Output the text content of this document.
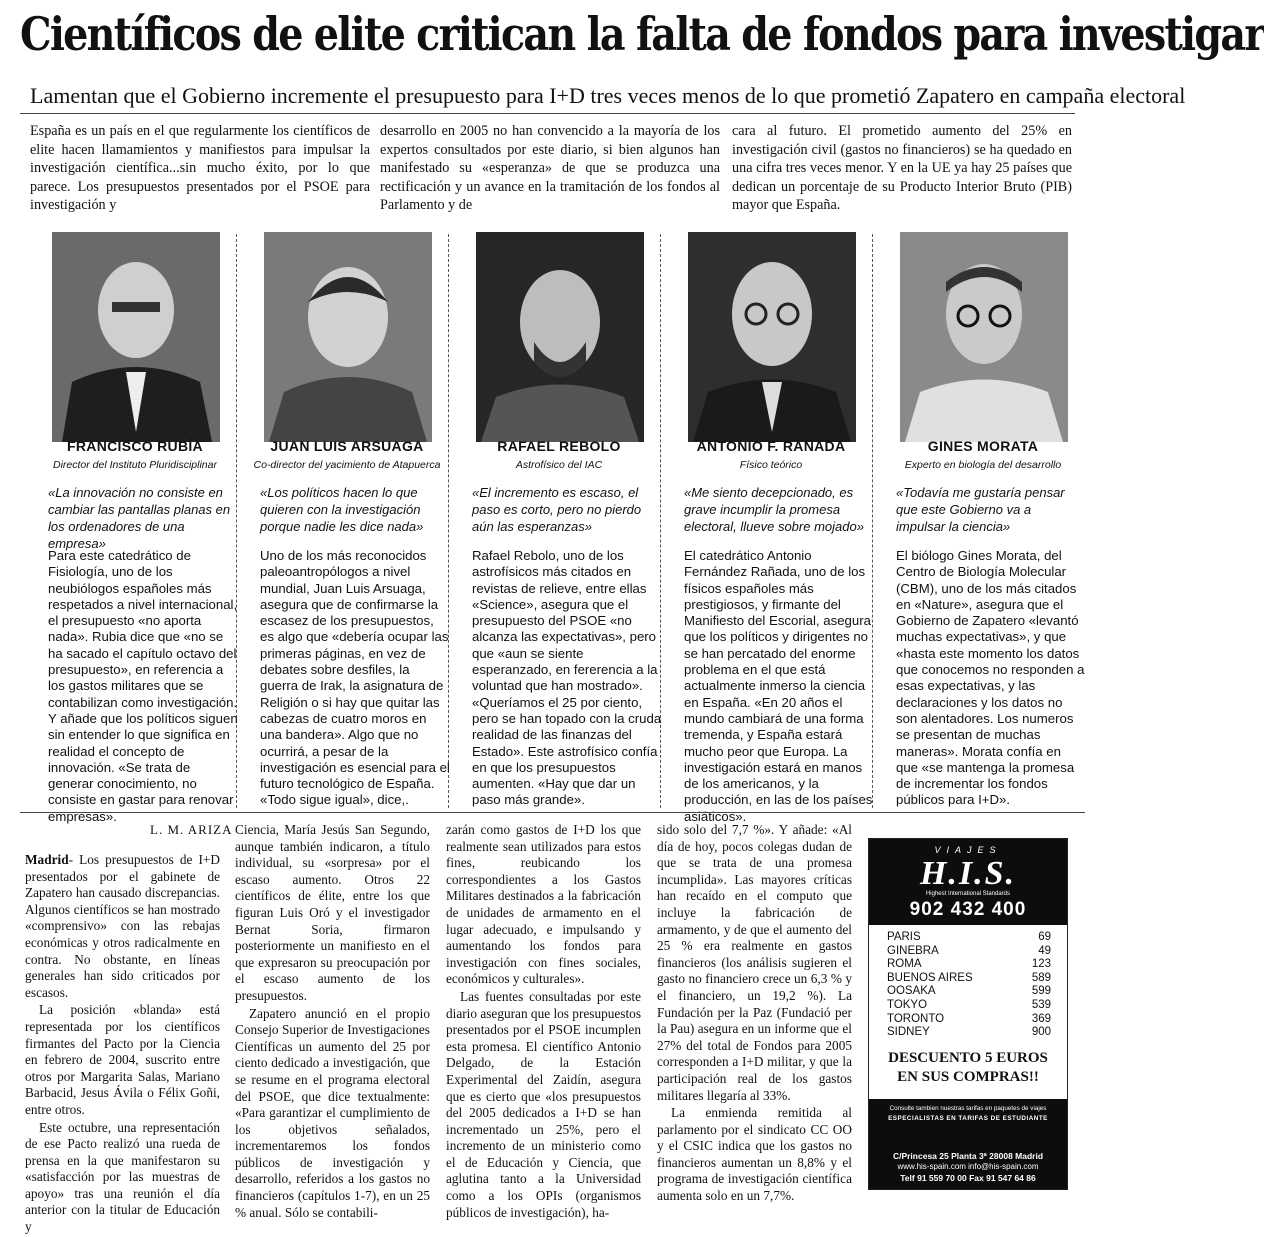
Científicos de elite critican la falta de fondos para investigar
Lamentan que el Gobierno incremente el presupuesto para I+D tres veces menos de lo que prometió Zapatero en campaña electoral
España es un país en el que regularmente los científicos de elite hacen llamamientos y manifiestos para impulsar la investigación científica...sin mucho éxito, por lo que parece. Los presupuestos presentados por el PSOE para investigación y
desarrollo en 2005 no han convencido a la mayoría de los expertos consultados por este diario, si bien algunos han manifestado su «esperanza» de que se produzca una rectificación y un avance en la tramitación de los fondos al Parlamento y de
cara al futuro. El prometido aumento del 25% en investigación civil (gastos no financieros) se ha quedado en una cifra tres veces menor. Y en la UE ya hay 25 países que dedican un porcentaje de su Producto Interior Bruto (PIB) mayor que España.
FRANCISCO RUBÍA
Director del Instituto Pluridisciplinar
«La innovación no consiste en cambiar las pantallas planas en los ordenadores de una empresa»
Para este catedrático de Fisiología, uno de los neubiólogos españoles más respetados a nivel internacional, el presupuesto «no aporta nada». Rubia dice que «no se ha sacado el capítulo octavo del presupuesto», en referencia a los gastos militares que se contabilizan como investigación. Y añade que los políticos siguen sin entender lo que significa en realidad el concepto de innovación. «Se trata de generar conocimiento, no consiste en gastar para renovar empresas».
JUAN LUIS ARSUAGA
Co-director del yacimiento de Atapuerca
«Los políticos hacen lo que quieren con la investigación porque nadie les dice nada»
Uno de los más reconocidos paleoantropólogos a nivel mundial, Juan Luis Arsuaga, asegura que de confirmarse la escasez de los presupuestos, es algo que «debería ocupar las primeras páginas, en vez de debates sobre desfiles, la guerra de Irak, la asignatura de Religión o si hay que quitar las cabezas de cuatro moros en una bandera». Algo que no ocurrirá, a pesar de la investigación es esencial para el futuro tecnológico de España. «Todo sigue igual», dice,.
RAFAEL REBOLO
Astrofísico del IAC
«El incremento es escaso, el paso es corto, pero no pierdo aún las esperanzas»
Rafael Rebolo, uno de los astrofísicos más citados en revistas de relieve, entre ellas «Science», asegura que el presupuesto del PSOE «no alcanza las expectativas», pero que «aun se siente esperanzado, en fererencia a la voluntad que han mostrado». «Queríamos el 25 por ciento, pero se han topado con la cruda realidad de las finanzas del Estado». Este astrofísico confía en que los presupuestos aumenten. «Hay que dar un paso más grande».
ANTONIO F. RAÑADA
Físico teórico
«Me siento decepcionado, es grave incumplir la promesa electoral, llueve sobre mojado»
El catedrático Antonio Fernández Rañada, uno de los físicos españoles más prestigiosos, y firmante del Manifiesto del Escorial, asegura que los políticos y dirigentes no se han percatado del enorme problema en el que está actualmente inmerso la ciencia en España. «En 20 años el mundo cambiará de una forma tremenda, y España estará mucho peor que Europa. La investigación estará en manos de los americanos, y la producción, en las de los países asiáticos».
GINES MORATA
Experto en biología del desarrollo
«Todavía me gustaría pensar que este Gobierno va a impulsar la ciencia»
El biólogo Gines Morata, del Centro de Biología Molecular (CBM), uno de los más citados en «Nature», asegura que el Gobierno de Zapatero «levantó muchas expectativas», y que «hasta este momento los datos que conocemos no responden a esas expectativas, y las declaraciones y los datos no son alentadores. Los numeros se presentan de muchas maneras». Morata confía en que «se mantenga la promesa de incrementar los fondos públicos para I+D».
L. M. ARIZA

Madrid- Los presupuestos de I+D presentados por el gabinete de Zapatero han causado discrepancias. Algunos científicos se han mostrado «comprensivo» con las rebajas económicas y otros radicalmente en contra. No obstante, en líneas generales han sido criticados por escasos.

La posición «blanda» está representada por los científicos firmantes del Pacto por la Ciencia en febrero de 2004, suscrito entre otros por Margarita Salas, Mariano Barbacid, Jesus Ávila o Félix Goñi, entre otros.

Este octubre, una representación de ese Pacto realizó una rueda de prensa en la que manifestaron su «satisfacción por las muestras de apoyo» tras una reunión el día anterior con la titular de Educación y

Ciencia, María Jesús San Segundo, aunque también indicaron, a título individual, su «sorpresa» por el escaso aumento. Otros 22 científicos de élite, entre los que figuran Luis Oró y el investigador Bernat Soria, firmaron posteriormente un manifiesto en el que expresaron su preocupación por el escaso aumento de los presupuestos.

Zapatero anunció en el propio Consejo Superior de Investigaciones Científicas un aumento del 25 por ciento dedicado a investigación, que se resume en el programa electoral del PSOE, que dice textualmente: «Para garantizar el cumplimiento de los objetivos señalados, incrementaremos los fondos públicos de investigación y desarrollo, referidos a los gastos no financieros (capítulos 1-7), en un 25 % anual. Sólo se contabili-

zarán como gastos de I+D los que realmente sean utilizados para estos fines, reubicando los correspondientes a los Gastos Militares destinados a la fabricación de unidades de armamento en el lugar adecuado, e impulsando y aumentando los fondos para investigación con fines sociales, económicos y culturales».

Las fuentes consultadas por este diario aseguran que los presupuestos presentados por el PSOE incumplen esta promesa. El científico Antonio Delgado, de la Estación Experimental del Zaidín, asegura que es cierto que «los presupuestos del 2005 dedicados a I+D se han incrementado un 25%, pero el incremento de un ministerio como el de Educación y Ciencia, que aglutina tanto a la Universidad como a los OPIs (organismos públicos de investigación), ha-

sido solo del 7,7 %». Y añade: «Al día de hoy, pocos colegas dudan de que se trata de una promesa incumplida». Las mayores críticas han recaído en el computo que incluye la fabricación de armamento, y de que el aumento del 25 % era realmente en gastos financieros (los análisis sugieren el gasto no financiero crece un 6,3 % y el financiero, un 19,2 %). La Fundación per la Paz (Fundació per la Pau) asegura en un informe que el 27% del total de Fondos para 2005 corresponden a I+D militar, y que la participación real de los gastos militares llegaría al 33%.

La enmienda remitida al parlamento por el sindicato CC OO y el CSIC indica que los gastos no financieros aumentan un 8,8% y el programa de investigación científica aumenta solo en un 7,7%.

VIAJES
H.I.S.
Highest International Standards
902 432 400
PARIS	69
GINEBRA	49
ROMA	123
BUENOS AIRES	589
OOSAKA	599
TOKYO	539
TORONTO	369
SIDNEY	900
DESCUENTO 5 EUROS
EN SUS COMPRAS!!
Consulte tambien nuestras tarifas en paquetes de viajes
ESPECIALISTAS EN TARIFAS DE ESTUDIANTE
C/Princesa 25 Planta 3ª 28008 Madrid
www.his-spain.com info@his-spain.com
Telf 91 559 70 00 Fax 91 547 64 86
